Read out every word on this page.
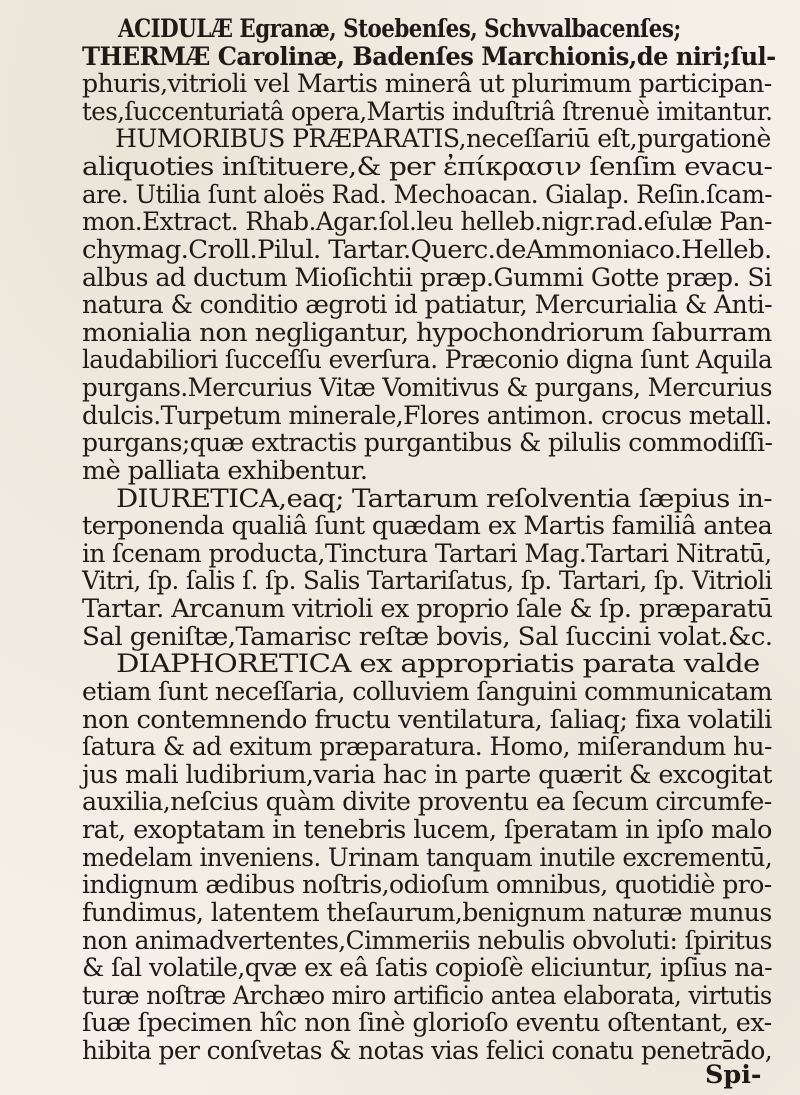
ACIDULÆ Egranæ, Stoebenſes, Schvvalbacenſes;
THERMÆ Carolinæ, Badenſes Marchionis,de niri;ſul-
phuris,vitrioli vel Martis minerâ ut plurimum participan-
tes,ſuccenturiatâ opera,Martis induſtriâ ſtrenuè imitantur.
HUMORIBUS PRÆPARATIS,neceſſariū eſt,purgationè
aliquoties inſtituere,& per ἐπίκρασιν ſenſim evacu-
are. Utilia ſunt aloës Rad. Mechoacan. Gialap. Reſin.ſcam-
mon.Extract. Rhab.Agar.ſol.leu helleb.nigr.rad.eſulæ Pan-
chymag.Croll.Pilul. Tartar.Querc.deAmmoniaco.Helleb.
albus ad ductum Mioſichtii præp.Gummi Gotte præp. Si
natura & conditio ægroti id patiatur, Mercurialia & Anti-
monialia non negligantur, hypochondriorum ſaburram
laudabiliori ſucceſſu everſura. Præconio digna ſunt Aquila
purgans.Mercurius Vitæ Vomitivus & purgans, Mercurius
dulcis.Turpetum minerale,Flores antimon. crocus metall.
purgans;quæ extractis purgantibus & pilulis commodiſſi-
mè palliata exhibentur.
DIURETICA,eaq; Tartarum reſolventia ſæpius in-
terponenda qualiâ ſunt quædam ex Martis familiâ antea
in ſcenam producta,Tinctura Tartari Mag.Tartari Nitratū,
Vitri, ſp. ſalis ſ. ſp. Salis Tartariſatus, ſp. Tartari, ſp. Vitrioli
Tartar. Arcanum vitrioli ex proprio ſale & ſp. præparatū
Sal geniſtæ,Tamarisc reſtæ bovis, Sal ſuccini volat.&c.
DIAPHORETICA ex appropriatis parata valde
etiam ſunt neceſſaria, colluviem ſanguini communicatam
non contemnendo fructu ventilatura, ſaliaq; fixa volatili
ſatura & ad exitum præparatura. Homo, miſerandum hu-
jus mali ludibrium,varia hac in parte quærit & excogitat
auxilia,neſcius quàm divite proventu ea ſecum circumfe-
rat, exoptatam in tenebris lucem, ſperatam in ipſo malo
medelam inveniens. Urinam tanquam inutile excrementū,
indignum ædibus noſtris,odioſum omnibus, quotidiè pro-
fundimus, latentem theſaurum,benignum naturæ munus
non animadvertentes,Cimmeriis nebulis obvoluti: ſpiritus
& ſal volatile,qvæ ex eâ ſatis copioſè eliciuntur, ipſius na-
turæ noſtræ Archæo miro artificio antea elaborata, virtutis
ſuæ ſpecimen hîc non ſinè glorioſo eventu oſtentant, ex-
hibita per conſvetas & notas vias felici conatu penetrādo,
Spi-
